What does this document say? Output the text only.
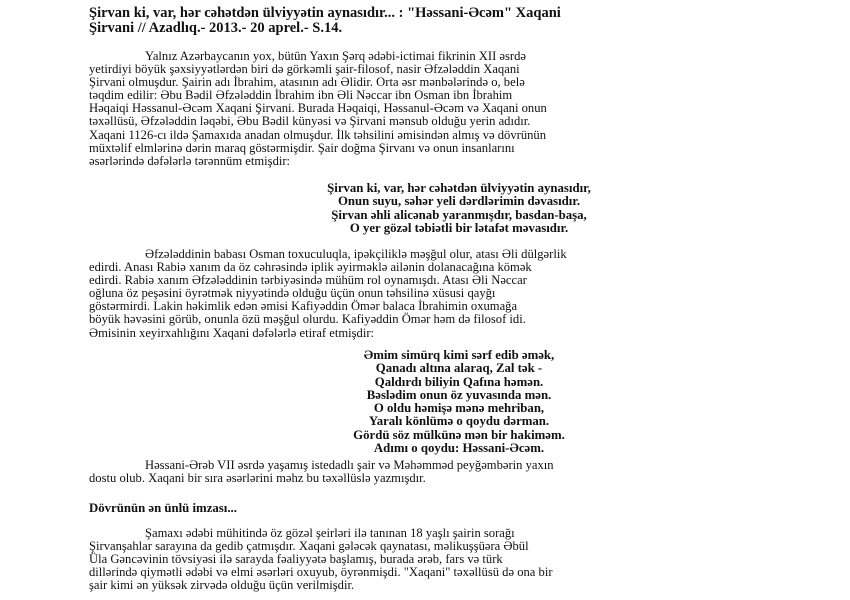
Şirvan ki, var, hər cəhətdən ülviyyətin aynasıdır... : "Həssani-Əcəm" Xaqani
Şirvani // Azadlıq.- 2013.- 20 aprel.- S.14.
Yalnız Azərbaycanın yox, bütün Yaxın Şərq ədəbi-ictimai fikrinin XII əsrdə
yetirdiyi böyük şəxsiyyətlərdən biri də görkəmli şair-filosof, nasir Əfzələddin Xaqani
Şirvani olmuşdur. Şairin adı İbrahim, atasının adı Əlidir. Orta əsr mənbələrində o, belə
təqdim edilir: Əbu Bədil Əfzələddin İbrahim ibn Əli Nəccar ibn Osman ibn İbrahim
Həqaiqi Həssanul-Əcəm Xaqani Şirvani. Burada Həqaiqi, Həssanul-Əcəm və Xaqani onun
təxəllüsü, Əfzələddin ləqəbi, Əbu Bədil künyəsi və Şirvani mənsub olduğu yerin adıdır.
Xaqani 1126-cı ildə Şamaxıda anadan olmuşdur. İlk təhsilini əmisindən almış və dövrünün
müxtəlif elmlərinə dərin maraq göstərmişdir. Şair doğma Şirvanı və onun insanlarını
əsərlərində dəfələrlə tərənnüm etmişdir:
Şirvan ki, var, hər cəhətdən ülviyyətin aynasıdır,
Onun suyu, səhər yeli dərdlərimin dəvasıdır.
Şirvan əhli alicənab yaranmışdır, basdan-başa,
O yer gözəl təbiətli bir lətafət məvasıdır.
Əfzələddinin babası Osman toxuculuqla, ipəkçiliklə məşğul olur, atası Əli dülgərlik
edirdi. Anası Rabiə xanım da öz cəhrəsində iplik əyirməklə ailənin dolanacağına kömək
edirdi. Rabiə xanım Əfzələddinin tərbiyəsində mühüm rol oynamışdı. Atası Əli Nəccar
oğluna öz peşəsini öyrətmək niyyətində olduğu üçün onun təhsilinə xüsusi qayğı
göstərmirdi. Lakin həkimlik edən əmisi Kafiyəddin Ömər balaca İbrahimin oxumağa
böyük həvəsini görüb, onunla özü məşğul olurdu. Kafiyəddin Ömər həm də filosof idi.
Əmisinin xeyirxahlığını Xaqani dəfələrlə etiraf etmişdir:
Əmim simürq kimi sərf edib əmək,
Qanadı altına alaraq, Zal tək -
Qaldırdı biliyin Qafına həmən.
Bəslədim onun öz yuvasında mən.
O oldu həmişə mənə mehriban,
Yaralı könlümə o qoydu dərman.
Gördü söz mülkünə mən bir hakiməm.
Adımı o qoydu: Həssani-Əcəm.
Həssani-Ərəb VII əsrdə yaşamış istedadlı şair və Məhəmməd peyğəmbərin yaxın
dostu olub. Xaqani bir sıra əsərlərini məhz bu təxəllüslə yazmışdır.
Dövrünün ən ünlü imzası...
Şamaxı ədəbi mühitində öz gözəl şeirləri ilə tanınan 18 yaşlı şairin sorağı
Şirvanşahlar sarayına da gedib çatmışdır. Xaqani gələcək qaynatası, məlikuşşüəra Əbül
Üla Gəncəvinin tövsiyəsi ilə sarayda fəaliyyətə başlamış, burada ərəb, fars və türk
dillərində qiymətli ədəbi və elmi əsərləri oxuyub, öyrənmişdi. "Xaqani" təxəllüsü də ona bir
şair kimi ən yüksək zirvədə olduğu üçün verilmişdir.
